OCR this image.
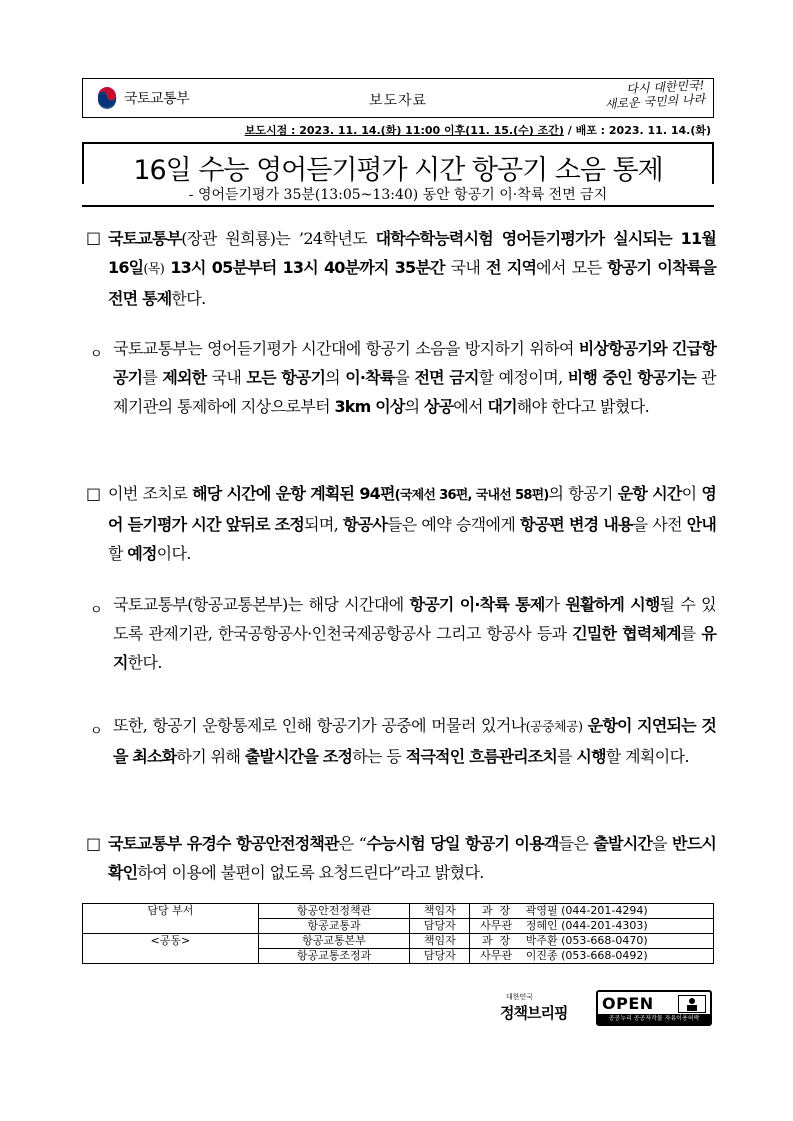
국토교통부	보도자료
다시 대한민국!
새로운 국민의 나라
보도시점 : 2023. 11. 14.(화) 11:00 이후(11. 15.(수) 조간) / 배포 : 2023. 11. 14.(화)
16일 수능 영어듣기평가 시간 항공기 소음 통제
- 영어듣기평가 35분(13:05~13:40) 동안 항공기 이·착륙 전면 금지
□ 국토교통부(장관 원희룡)는 ’24학년도 대학수학능력시험 영어듣기평가가 실시되는 11월 16일(목) 13시 05분부터 13시 40분까지 35분간 국내 전 지역에서 모든 항공기 이착륙을 전면 통제한다.
ㅇ 국토교통부는 영어듣기평가 시간대에 항공기 소음을 방지하기 위하여 비상항공기와 긴급항공기를 제외한 국내 모든 항공기의 이·착륙을 전면 금지할 예정이며, 비행 중인 항공기는 관제기관의 통제하에 지상으로부터 3km 이상의 상공에서 대기해야 한다고 밝혔다.
□ 이번 조치로 해당 시간에 운항 계획된 94편(국제선 36편, 국내선 58편)의 항공기 운항 시간이 영어 듣기평가 시간 앞뒤로 조정되며, 항공사들은 예약 승객에게 항공편 변경 내용을 사전 안내할 예정이다.
ㅇ 국토교통부(항공교통본부)는 해당 시간대에 항공기 이·착륙 통제가 원활하게 시행될 수 있도록 관제기관, 한국공항공사·인천국제공항공사 그리고 항공사 등과 긴밀한 협력체계를 유지한다.
ㅇ 또한, 항공기 운항통제로 인해 항공기가 공중에 머물러 있거나(공중체공) 운항이 지연되는 것을 최소화하기 위해 출발시간을 조정하는 등 적극적인 흐름관리조치를 시행할 계획이다.
□ 국토교통부 유경수 항공안전정책관은 “수능시험 당일 항공기 이용객들은 출발시간을 반드시 확인하여 이용에 불편이 없도록 요청드린다”라고 밝혔다.
담당 부서	항공안전정책관	책임자	과  장	곽영필 (044-201-4294)
	항공교통과	담당자	사무관	정혜인 (044-201-4303)
<공동>	항공교통본부	책임자	과  장	박주환 (053-668-0470)
	항공교통조정과	담당자	사무관	이진종 (053-668-0492)
대한민국
정책브리핑	OPEN
공공누리 공공저작물 자유이용허락
